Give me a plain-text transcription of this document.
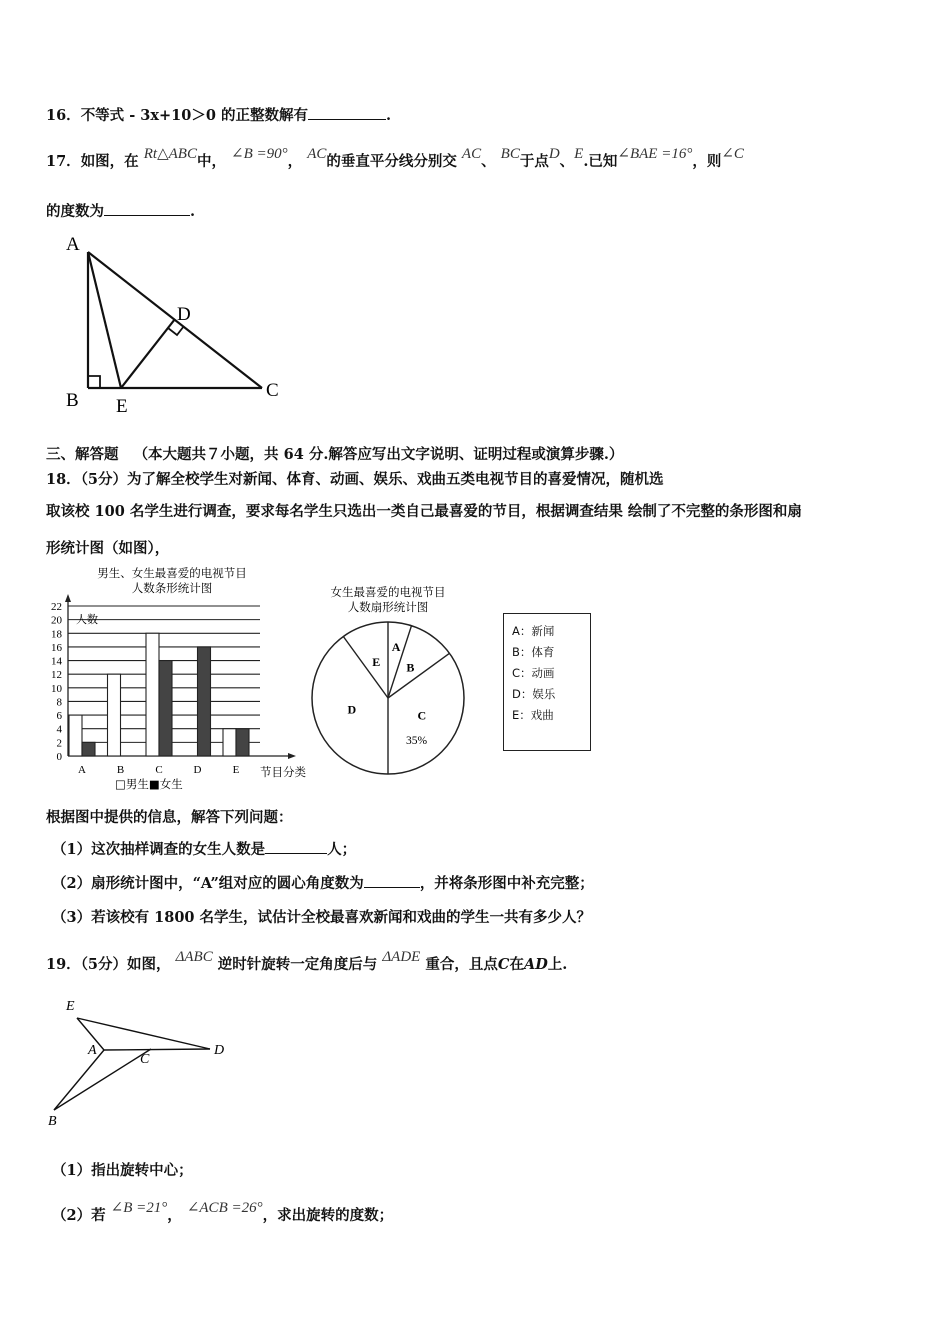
16．不等式 - 3x+10＞0 的正整数解有	.
17．如图，在 Rt△ABC中， ∠B =90°， AC的垂直平分线分别交 AC、 BC于点D、E.已知∠BAE =16°，则∠C
的度数为	.
A
B	C
D
E
三、解答题 （本大题共７小题，共 64 分.解答应写出文字说明、证明过程或演算步骤.）
18．（5分）为了解全校学生对新闻、体育、动画、娱乐、戏曲五类电视节目的喜爱情况，随机选
取该校 100 名学生进行调查，要求每名学生只选出一类自己最喜爱的节目，根据调查结果 绘制了不完整的条形图和扇
形统计图（如图），
男生、女生最喜爱的电视节目
人数条形统计图
0
2
4
6
8
10
12
14
16
18
20
22
A	B	C	D	E
人数
节目分类
□男生■女生
女生最喜爱的电视节目
人数扇形统计图
A
B
C
D
E
35%
A：新闻
B：体育
C：动画
D：娱乐
E：戏曲
根据图中提供的信息，解答下列问题：
（1）这次抽样调查的女生人数是	人；
（2）扇形统计图中，“A”组对应的圆心角度数为	，并将条形图中补充完整；
（3）若该校有 1800 名学生，试估计全校最喜欢新闻和戏曲的学生一共有多少人？
19．（5分）如图， ΔABC 逆时针旋转一定角度后与 ΔADE 重合，且点C在AD上.
E
A
C
D
B
（1）指出旋转中心；
（2）若 ∠B =21°， ∠ACB =26°，求出旋转的度数；
